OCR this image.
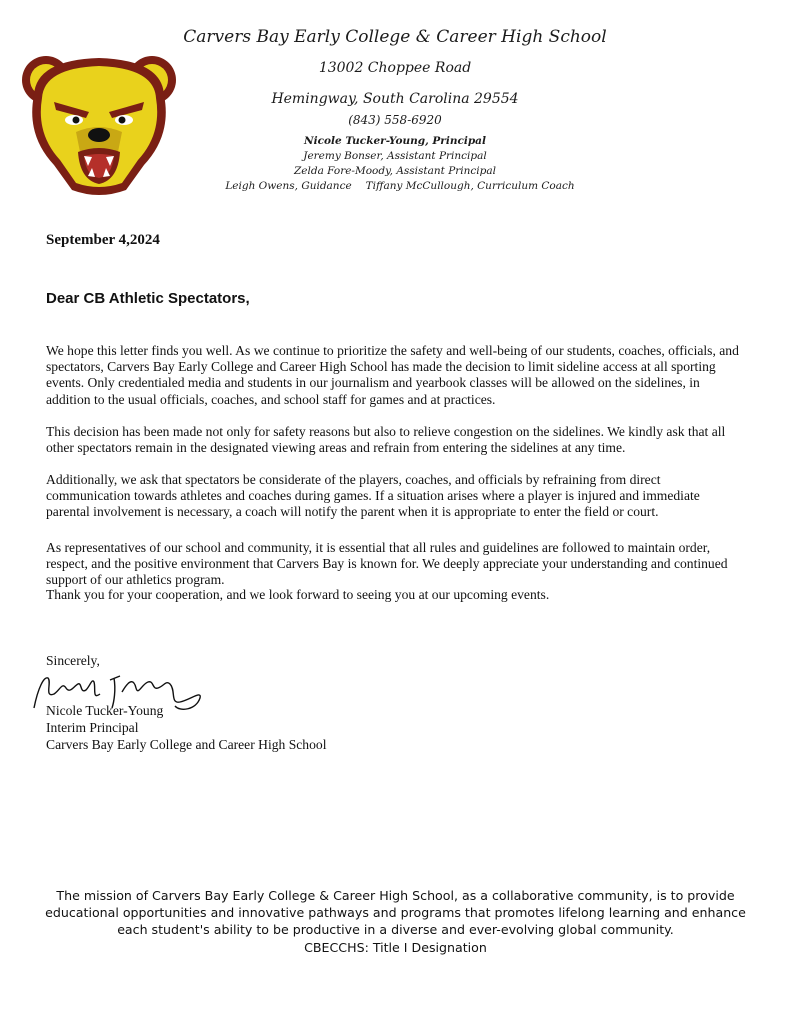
Carvers Bay Early College & Career High School

13002 Choppee Road

Hemingway, South Carolina 29554

(843) 558-6920

Nicole Tucker-Young, Principal

Jeremy Bonser, Assistant Principal

Zelda Fore-Moody, Assistant Principal

Leigh Owens, Guidance Tiffany McCullough, Curriculum Coach

September 4,2024

Dear CB Athletic Spectators,

We hope this letter finds you well. As we continue to prioritize the safety and well-being of our students, coaches, officials, and spectators, Carvers Bay Early College and Career High School has made the decision to limit sideline access at all sporting events. Only credentialed media and students in our journalism and yearbook classes will be allowed on the sidelines, in addition to the usual officials, coaches, and school staff for games and at practices.

This decision has been made not only for safety reasons but also to relieve congestion on the sidelines. We kindly ask that all other spectators remain in the designated viewing areas and refrain from entering the sidelines at any time.

Additionally, we ask that spectators be considerate of the players, coaches, and officials by refraining from direct communication towards athletes and coaches during games. If a situation arises where a player is injured and immediate parental involvement is necessary, a coach will notify the parent when it is appropriate to enter the field or court.

As representatives of our school and community, it is essential that all rules and guidelines are followed to maintain order, respect, and the positive environment that Carvers Bay is known for. We deeply appreciate your understanding and continued support of our athletics program.

Thank you for your cooperation, and we look forward to seeing you at our upcoming events.

Sincerely,

Nicole Tucker-Young
Interim Principal
Carvers Bay Early College and Career High School
The mission of Carvers Bay Early College & Career High School, as a collaborative community, is to provide
educational opportunities and innovative pathways and programs that promotes lifelong learning and enhance
each student's ability to be productive in a diverse and ever-evolving global community.
CBECCHS: Title I Designation
